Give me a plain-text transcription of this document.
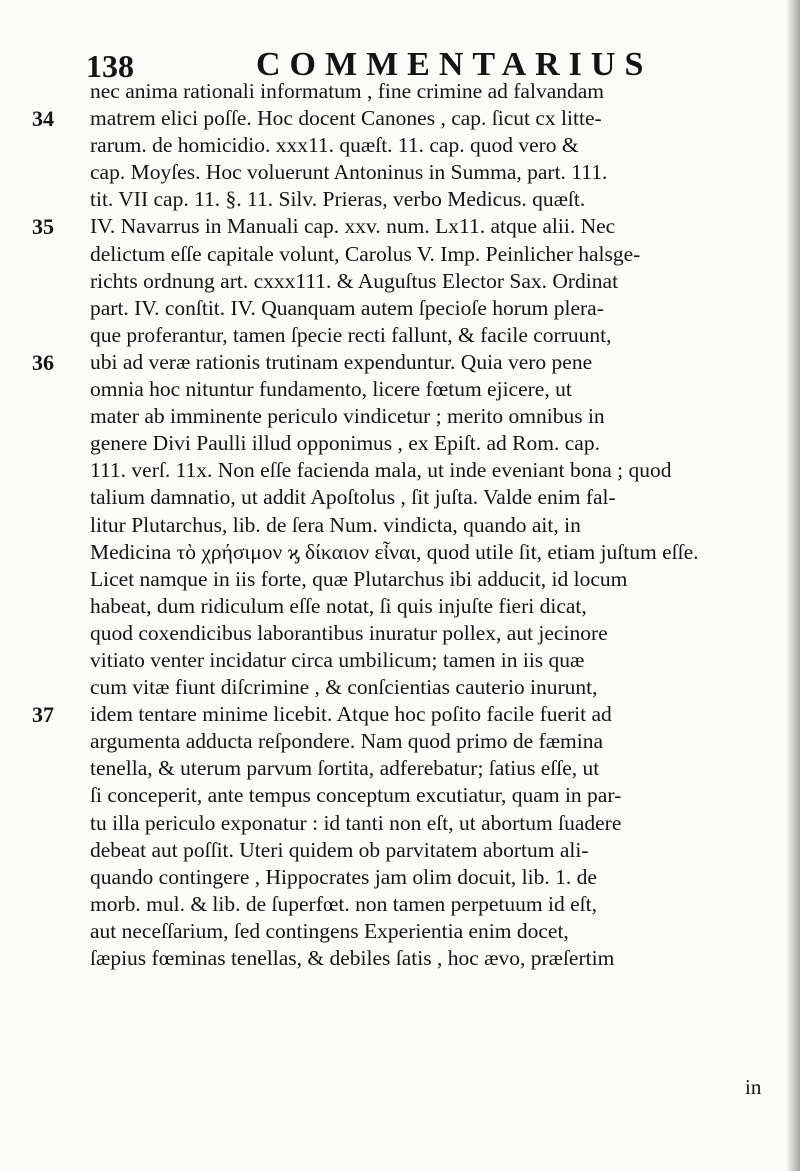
138	COMMENTARIUS
nec anima rationali informatum , fine crimine ad falvandam
34	matrem elici poſſe. Hoc docent Canones , cap. ſicut cx litte-
rarum. de homicidio. xxx11. quæſt. 11. cap. quod vero &
cap. Moyſes. Hoc voluerunt Antoninus in Summa, part. 111.
tit. VII cap. 11. §. 11. Silv. Prieras, verbo Medicus. quæſt.
35	IV. Navarrus in Manuali cap. xxv. num. Lx11. atque alii. Nec
delictum eſſe capitale volunt, Carolus V. Imp. Peinlicher halsge-
richts ordnung art. cxxx111. & Auguſtus Elector Sax. Ordinat
part. IV. conſtit. IV. Quanquam autem ſpecioſe horum plera-
que proferantur, tamen ſpecie recti fallunt, & facile corruunt,
36	ubi ad veræ rationis trutinam expenduntur. Quia vero pene
omnia hoc nituntur fundamento, licere fœtum ejicere, ut
mater ab imminente periculo vindicetur ; merito omnibus in
genere Divi Paulli illud opponimus , ex Epiſt. ad Rom. cap.
111. verſ. 11x. Non eſſe facienda mala, ut inde eveniant bona ; quod
talium damnatio, ut addit Apoſtolus , ſit juſta. Valde enim fal-
litur Plutarchus, lib. de ſera Num. vindicta, quando ait, in
Medicina τὸ χρήσιμον ϗ δίκαιον εἶναι, quod utile ſit, etiam juſtum eſſe.
Licet namque in iis forte, quæ Plutarchus ibi adducit, id locum
habeat, dum ridiculum eſſe notat, ſi quis injuſte fieri dicat,
quod coxendicibus laborantibus inuratur pollex, aut jecinore
vitiato venter incidatur circa umbilicum; tamen in iis quæ
cum vitæ fiunt diſcrimine , & conſcientias cauterio inurunt,
37	idem tentare minime licebit. Atque hoc poſito facile fuerit ad
argumenta adducta reſpondere. Nam quod primo de fæmina
tenella, & uterum parvum ſortita, adferebatur; ſatius eſſe, ut
ſi conceperit, ante tempus conceptum excutiatur, quam in par-
tu illa periculo exponatur : id tanti non eſt, ut abortum ſuadere
debeat aut poſſit. Uteri quidem ob parvitatem abortum ali-
quando contingere , Hippocrates jam olim docuit, lib. 1. de
morb. mul. & lib. de ſuperfœt. non tamen perpetuum id eſt,
aut neceſſarium, ſed contingens Experientia enim docet,
ſæpius fœminas tenellas, & debiles ſatis , hoc ævo, præſertim
in
